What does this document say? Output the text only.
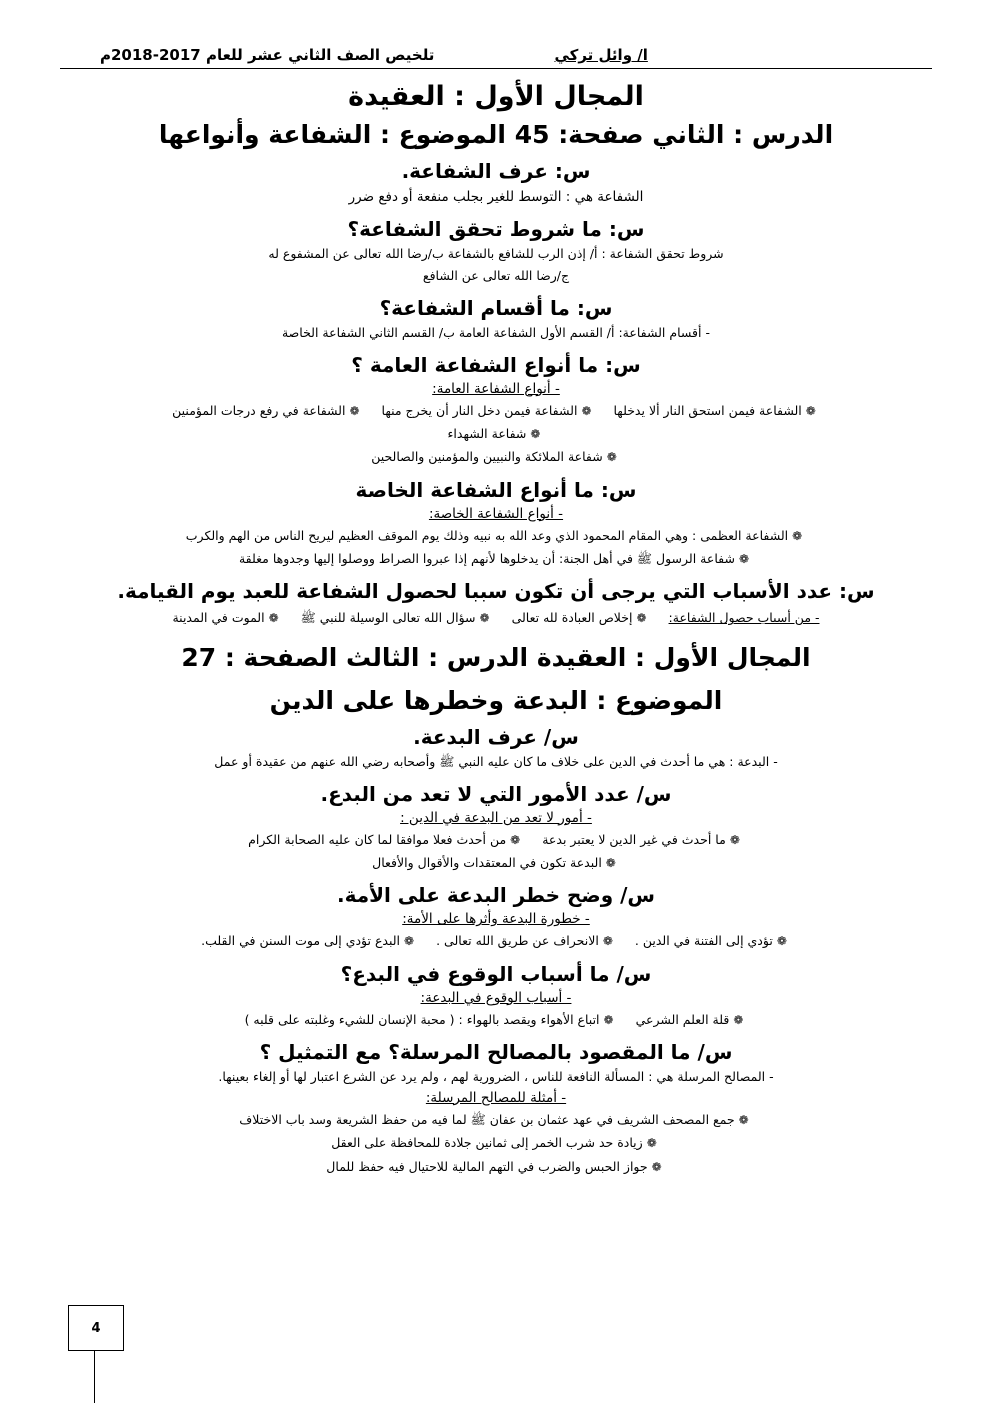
تلخيص الصف الثاني عشر للعام 2017-2018م	ا/ وائل تركي
المجال الأول : العقيدة
الدرس : الثاني صفحة: 45 الموضوع : الشفاعة وأنواعها
س: عرف الشفاعة.
الشفاعة هي : التوسط للغير بجلب منفعة أو دفع ضرر
س: ما شروط تحقق الشفاعة؟
شروط تحقق الشفاعة : أ/ إذن الرب للشافع بالشفاعة ب/رضا الله تعالى عن المشفوع له
ج/رضا الله تعالى عن الشافع
س: ما أقسام الشفاعة؟
- أقسام الشفاعة: أ/ القسم الأول الشفاعة العامة ب/ القسم الثاني الشفاعة الخاصة
س: ما أنواع الشفاعة العامة ؟
- أنواع الشفاعة العامة:
❁الشفاعة فيمن استحق النار ألا يدخلها❁الشفاعة فيمن دخل النار أن يخرج منها❁الشفاعة في رفع درجات المؤمنين
❁شفاعة الشهداء
❁شفاعة الملائكة والنبيين والمؤمنين والصالحين
س: ما أنواع الشفاعة الخاصة
- أنواع الشفاعة الخاصة:
❁الشفاعة العظمى : وهي المقام المحمود الذي وعد الله به نبيه وذلك يوم الموقف العظيم ليريح الناس من الهم والكرب
❁شفاعة الرسول ﷺ في أهل الجنة: أن يدخلوها لأنهم إذا عبروا الصراط ووصلوا إليها وجدوها مغلقة
س: عدد الأسباب التي يرجى أن تكون سببا لحصول الشفاعة للعبد يوم القيامة.
- من أسباب حصول الشفاعة:❁إخلاص العبادة لله تعالى❁سؤال الله تعالى الوسيلة للنبي ﷺ❁الموت في المدينة
المجال الأول : العقيدة الدرس : الثالث الصفحة : 27
الموضوع : البدعة وخطرها على الدين
س/ عرف البدعة.
- البدعة : هي ما أحدث في الدين على خلاف ما كان عليه النبي ﷺ وأصحابه رضي الله عنهم من عقيدة أو عمل
س/ عدد الأمور التي لا تعد من البدع.
- أمور لا تعد من البدعة في الدين :
❁ما أحدث في غير الدين لا يعتبر بدعة❁من أحدث فعلا موافقا لما كان عليه الصحابة الكرام
❁البدعة تكون في المعتقدات والأقوال والأفعال
س/ وضح خطر البدعة على الأمة.
- خطورة البدعة وأثرها على الأمة:
❁تؤدي إلى الفتنة في الدين .❁الانحراف عن طريق الله تعالى .❁البدع تؤدي إلى موت السنن في القلب.
س/ ما أسباب الوقوع في البدع؟
- أسباب الوقوع في البدعة:
❁قلة العلم الشرعي❁اتباع الأهواء ويقصد بالهواء : ( محبة الإنسان للشيء وغلبته على قلبه )
س/ ما المقصود بالمصالح المرسلة؟ مع التمثيل ؟
- المصالح المرسلة هي : المسألة النافعة للناس ، الضرورية لهم ، ولم يرد عن الشرع اعتبار لها أو إلغاء بعينها.
- أمثلة للمصالح المرسلة:
❁جمع المصحف الشريف في عهد عثمان بن عفان ﷺ لما فيه من حفظ الشريعة وسد باب الاختلاف
❁زيادة حد شرب الخمر إلى ثمانين جلادة للمحافظة على العقل
❁جواز الحبس والضرب في التهم المالية للاحتيال فيه حفظ للمال
4
